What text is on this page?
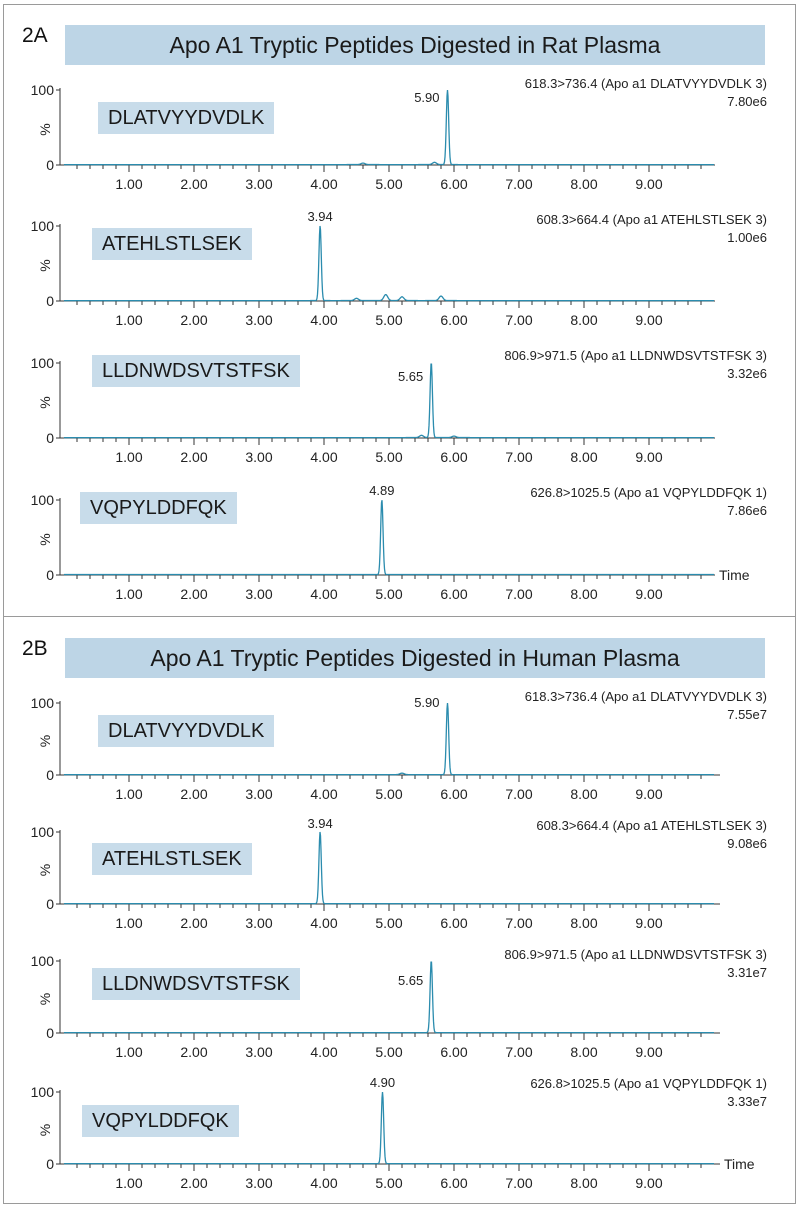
2A	Apo A1 Tryptic Peptides Digested in Rat Plasma
2B	Apo A1 Tryptic Peptides Digested in Human Plasma
DLATVYYDVDLK
ATEHLSTLSEK
LLDNWDSVTSTFSK
VQPYLDDFQK
DLATVYYDVDLK
ATEHLSTLSEK
LLDNWDSVTSTFSK
VQPYLDDFQK
100
0
%
1.00	2.00	3.00	4.00	5.00	6.00	7.00	8.00	9.00
5.90
618.3>736.4 (Apo a1 DLATVYYDVDLK 3)
7.80e6
100
0
%
1.00	2.00	3.00	4.00	5.00	6.00	7.00	8.00	9.00
3.94	608.3>664.4 (Apo a1 ATEHLSTLSEK 3)
1.00e6
100
0
%
1.00	2.00	3.00	4.00	5.00	6.00	7.00	8.00	9.00
5.65
806.9>971.5 (Apo a1 LLDNWDSVTSTFSK 3)
3.32e6
100
0
%
1.00	2.00	3.00	4.00	5.00	6.00	7.00	8.00	9.00
Time
4.89	626.8>1025.5 (Apo a1 VQPYLDDFQK 1)
7.86e6
100
0
%
1.00	2.00	3.00	4.00	5.00	6.00	7.00	8.00	9.00
5.90	618.3>736.4 (Apo a1 DLATVYYDVDLK 3)
7.55e7
100
0
%
1.00	2.00	3.00	4.00	5.00	6.00	7.00	8.00	9.00
3.94	608.3>664.4 (Apo a1 ATEHLSTLSEK 3)
9.08e6
100
0
%
1.00	2.00	3.00	4.00	5.00	6.00	7.00	8.00	9.00
5.65
806.9>971.5 (Apo a1 LLDNWDSVTSTFSK 3)
3.31e7
100
0
%
1.00	2.00	3.00	4.00	5.00	6.00	7.00	8.00	9.00
Time
4.90	626.8>1025.5 (Apo a1 VQPYLDDFQK 1)
3.33e7
